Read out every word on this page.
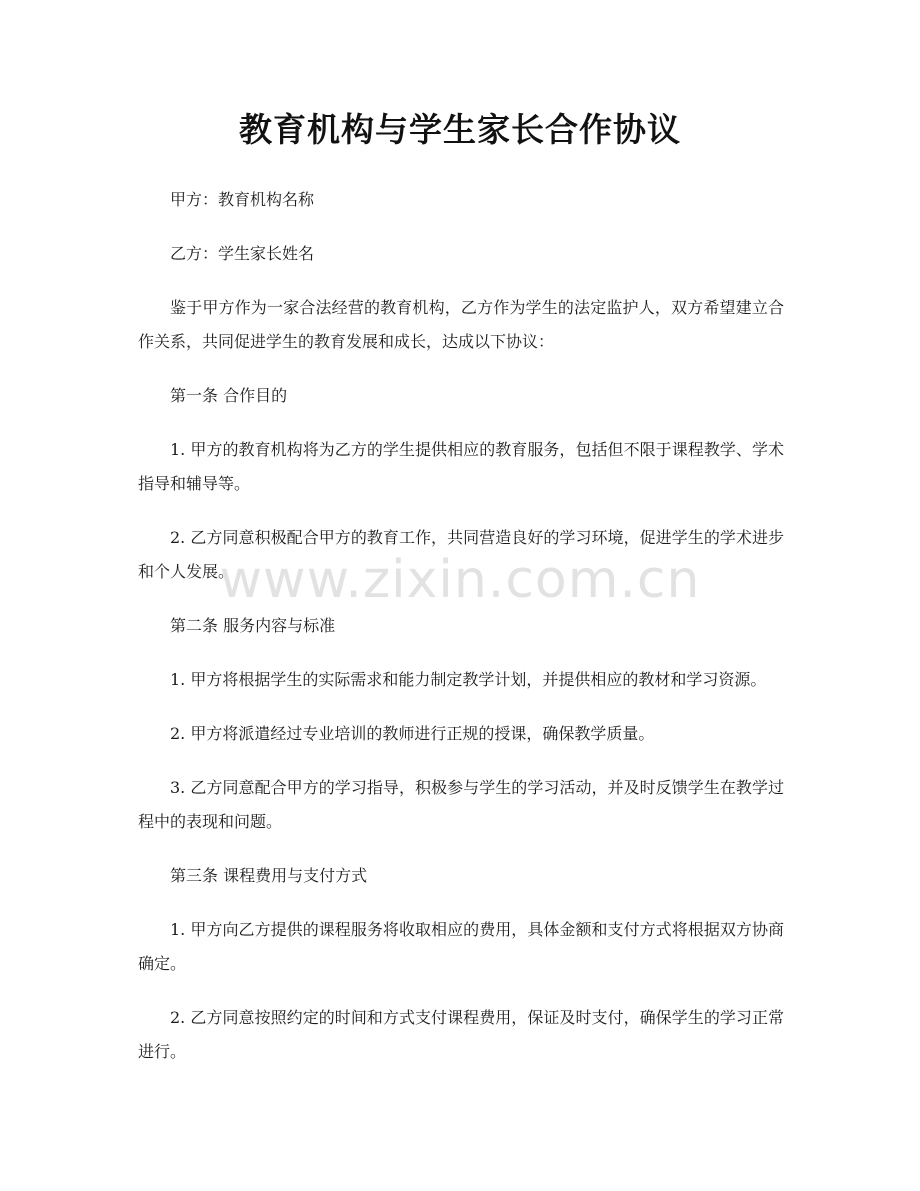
教育机构与学生家长合作协议

甲方：教育机构名称

乙方：学生家长姓名

鉴于甲方作为一家合法经营的教育机构，乙方作为学生的法定监护人，双方希望建立合作关系，共同促进学生的教育发展和成长，达成以下协议：

第一条 合作目的

1. 甲方的教育机构将为乙方的学生提供相应的教育服务，包括但不限于课程教学、学术指导和辅导等。

2. 乙方同意积极配合甲方的教育工作，共同营造良好的学习环境，促进学生的学术进步和个人发展。

第二条 服务内容与标准

1. 甲方将根据学生的实际需求和能力制定教学计划，并提供相应的教材和学习资源。

2. 甲方将派遣经过专业培训的教师进行正规的授课，确保教学质量。

3. 乙方同意配合甲方的学习指导，积极参与学生的学习活动，并及时反馈学生在教学过程中的表现和问题。

第三条 课程费用与支付方式

1. 甲方向乙方提供的课程服务将收取相应的费用，具体金额和支付方式将根据双方协商确定。

2. 乙方同意按照约定的时间和方式支付课程费用，保证及时支付，确保学生的学习正常进行。

www.zixin.com.cn
